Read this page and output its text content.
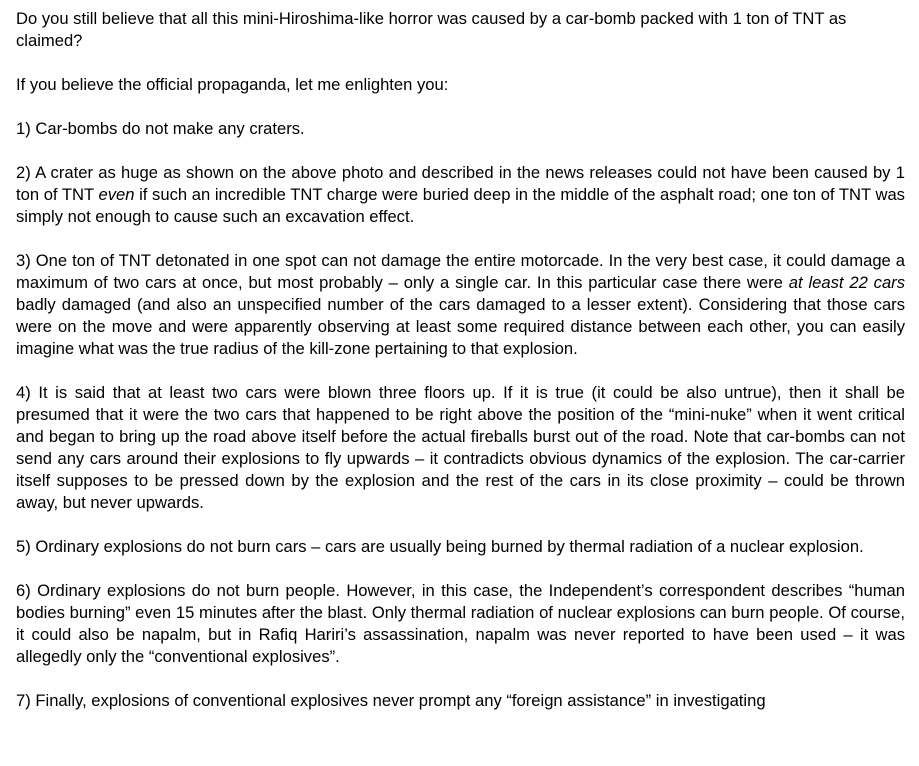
Do you still believe that all this mini-Hiroshima-like horror was caused by a car-bomb packed with 1 ton of TNT as claimed?

If you believe the official propaganda, let me enlighten you:

1) Car-bombs do not make any craters.

2) A crater as huge as shown on the above photo and described in the news releases could not have been caused by 1 ton of TNT even if such an incredible TNT charge were buried deep in the middle of the asphalt road; one ton of TNT was simply not enough to cause such an excavation effect.

3) One ton of TNT detonated in one spot can not damage the entire motorcade. In the very best case, it could damage a maximum of two cars at once, but most probably – only a single car. In this particular case there were at least 22 cars badly damaged (and also an unspecified number of the cars damaged to a lesser extent). Considering that those cars were on the move and were apparently observing at least some required distance between each other, you can easily imagine what was the true radius of the kill-zone pertaining to that explosion.

4) It is said that at least two cars were blown three floors up. If it is true (it could be also untrue), then it shall be presumed that it were the two cars that happened to be right above the position of the “mini-nuke” when it went critical and began to bring up the road above itself before the actual fireballs burst out of the road. Note that car-bombs can not send any cars around their explosions to fly upwards – it contradicts obvious dynamics of the explosion. The car-carrier itself supposes to be pressed down by the explosion and the rest of the cars in its close proximity – could be thrown away, but never upwards.

5) Ordinary explosions do not burn cars – cars are usually being burned by thermal radiation of a nuclear explosion.

6) Ordinary explosions do not burn people. However, in this case, the Independent’s correspondent describes “human bodies burning” even 15 minutes after the blast. Only thermal radiation of nuclear explosions can burn people. Of course, it could also be napalm, but in Rafiq Hariri’s assassination, napalm was never reported to have been used – it was allegedly only the “conventional explosives”.

7) Finally, explosions of conventional explosives never prompt any “foreign assistance” in investigating
